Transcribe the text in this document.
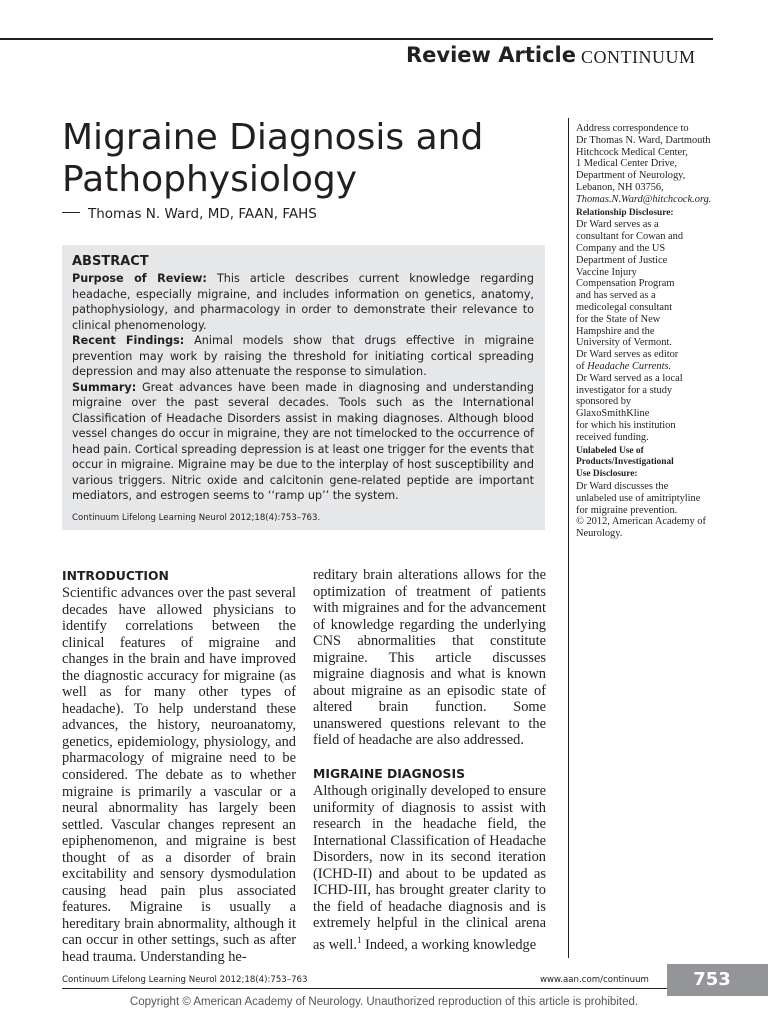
Review Article CONTINUUM
Migraine Diagnosis and Pathophysiology
Thomas N. Ward, MD, FAAN, FAHS
Address correspondence to
Dr Thomas N. Ward, Dartmouth
Hitchcock Medical Center,
1 Medical Center Drive,
Department of Neurology,
Lebanon, NH 03756,
Thomas.N.Ward@hitchcock.org.
Relationship Disclosure:
Dr Ward serves as a
consultant for Cowan and
Company and the US
Department of Justice
Vaccine Injury
Compensation Program
and has served as a
medicolegal consultant
for the State of New
Hampshire and the
University of Vermont.
Dr Ward serves as editor
of Headache Currents.
Dr Ward served as a local
investigator for a study
sponsored by
GlaxoSmithKline
for which his institution
received funding.
Unlabeled Use of
Products/Investigational
Use Disclosure:
Dr Ward discusses the
unlabeled use of amitriptyline
for migraine prevention.
© 2012, American Academy of
Neurology.
ABSTRACT
Purpose of Review: This article describes current knowledge regarding headache, especially migraine, and includes information on genetics, anatomy, pathophysiology, and pharmacology in order to demonstrate their relevance to clinical phenomenology.
Recent Findings: Animal models show that drugs effective in migraine prevention may work by raising the threshold for initiating cortical spreading depression and may also attenuate the response to simulation.
Summary: Great advances have been made in diagnosing and understanding migraine over the past several decades. Tools such as the International Classification of Headache Disorders assist in making diagnoses. Although blood vessel changes do occur in migraine, they are not timelocked to the occurrence of head pain. Cortical spreading depression is at least one trigger for the events that occur in migraine. Migraine may be due to the interplay of host susceptibility and various triggers. Nitric oxide and calcitonin gene-related peptide are important mediators, and estrogen seems to ‘‘ramp up’’ the system.
Continuum Lifelong Learning Neurol 2012;18(4):753–763.
INTRODUCTION

Scientific advances over the past several decades have allowed physicians to identify correlations between the clinical features of migraine and changes in the brain and have improved the diagnostic accuracy for migraine (as well as for many other types of headache). To help understand these advances, the history, neuroanatomy, genetics, epidemiology, physiology, and pharmacology of migraine need to be considered. The debate as to whether migraine is primarily a vascular or a neural abnormality has largely been settled. Vascular changes represent an epiphenomenon, and migraine is best thought of as a disorder of brain excitability and sensory dysmodulation causing head pain plus associated features. Migraine is usually a hereditary brain abnormality, although it can occur in other settings, such as after head trauma. Understanding he-

reditary brain alterations allows for the optimization of treatment of patients with migraines and for the advancement of knowledge regarding the underlying CNS abnormalities that constitute migraine. This article discusses migraine diagnosis and what is known about migraine as an episodic state of altered brain function. Some unanswered questions relevant to the field of headache are also addressed.

MIGRAINE DIAGNOSIS

Although originally developed to ensure uniformity of diagnosis to assist with research in the headache field, the International Classification of Headache Disorders, now in its second iteration (ICHD-II) and about to be updated as ICHD-III, has brought greater clarity to the field of headache diagnosis and is extremely helpful in the clinical arena as well.$^1$ Indeed, a working knowledge

Continuum Lifelong Learning Neurol 2012;18(4):753–763	www.aan.com/continuum	753
Copyright © American Academy of Neurology. Unauthorized reproduction of this article is prohibited.
